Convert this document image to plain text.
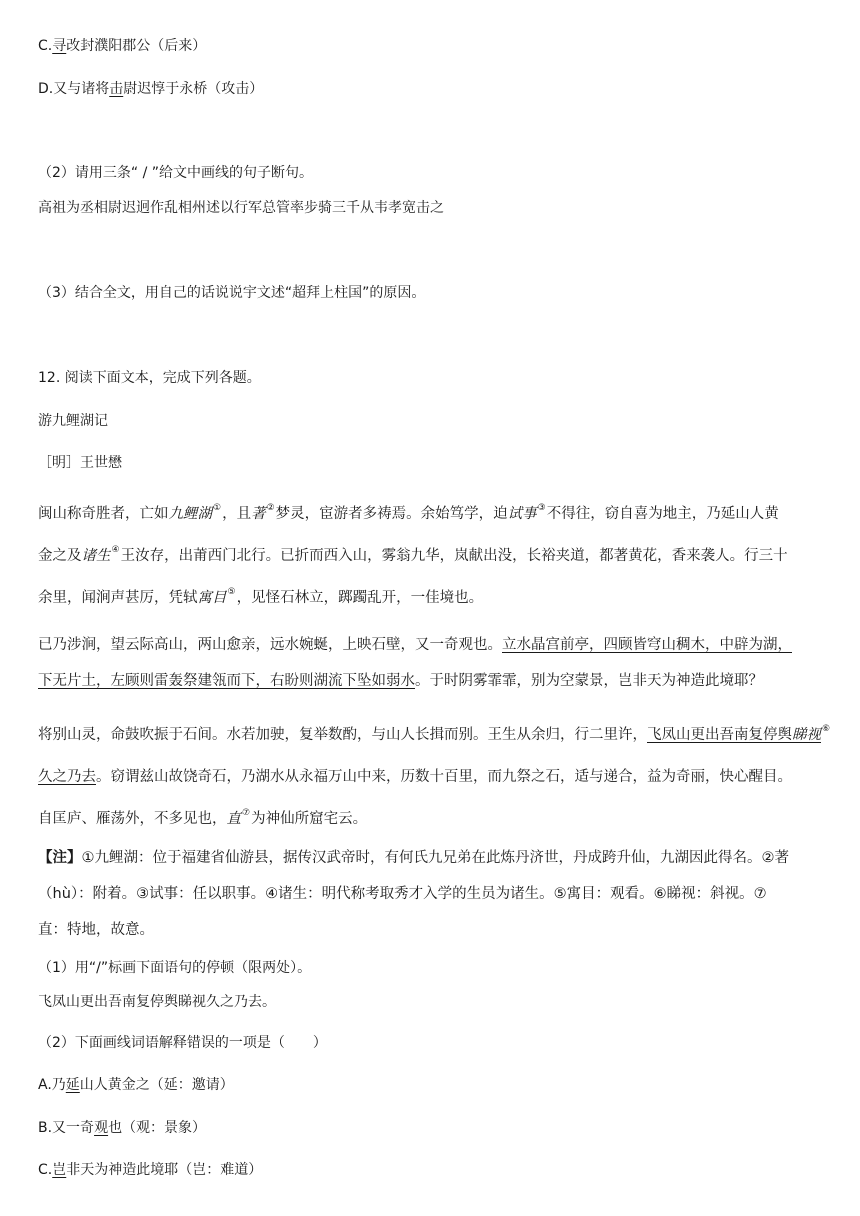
C.寻改封濮阳郡公（后来）
D.又与诸将击尉迟惇于永桥（攻击）
（2）请用三条“ / ”给文中画线的句子断句。
高祖为丞相尉迟迥作乱相州述以行军总管率步骑三千从韦孝宽击之
（3）结合全文，用自己的话说说宇文述“超拜上柱国”的原因。
12. 阅读下面文本，完成下列各题。
游九鲤湖记
［明］王世懋
闽山称奇胜者，亡如九鲤湖①，且著②梦灵，宦游者多祷焉。余始笃学，迫试事③不得往，窃自喜为地主，乃延山人黄
金之及诸生④王汝存，出莆西门北行。已折而西入山，雾翁九华，岚献出没，长裕夹道，都著黄花，香来袭人。行三十
余里，闻涧声甚厉，凭轼寓目⑤，见怪石林立，踯躅乱开，一佳境也。
已乃涉涧，望云际高山，两山愈亲，远水婉蜒，上映石壁，又一奇观也。立水晶宫前亭，四顾皆穹山稠木，中辟为湖，
下无片土，左顾则雷轰祭建瓴而下，右盼则湖流下坠如弱水。于时阴雾霏霏，别为空蒙景，岂非天为神造此境耶？
将别山灵，命鼓吹振于石间。水若加驶，复举数酌，与山人长揖而别。王生从余归，行二里许，飞凤山更出吾南复停舆睇视⑥
久之乃去。窃谓兹山故饶奇石，乃湖水从永福万山中来，历数十百里，而九祭之石，适与递合，益为奇丽，快心醒目。
自匡庐、雁荡外，不多见也，直⑦为神仙所窟宅云。
【注】①九鲤湖：位于福建省仙游县，据传汉武帝时，有何氏九兄弟在此炼丹济世，丹成跨升仙，九湖因此得名。②著
（hù）：附着。③试事：任以职事。④诸生：明代称考取秀才入学的生员为诸生。⑤寓目：观看。⑥睇视：斜视。⑦
直：特地，故意。
（1）用“/”标画下面语句的停顿（限两处）。
飞凤山更出吾南复停舆睇视久之乃去。
（2）下面画线词语解释错误的一项是（　　）
A.乃延山人黄金之（延：邀请）
B.又一奇观也（观：景象）
C.岂非天为神造此境耶（岂：难道）
